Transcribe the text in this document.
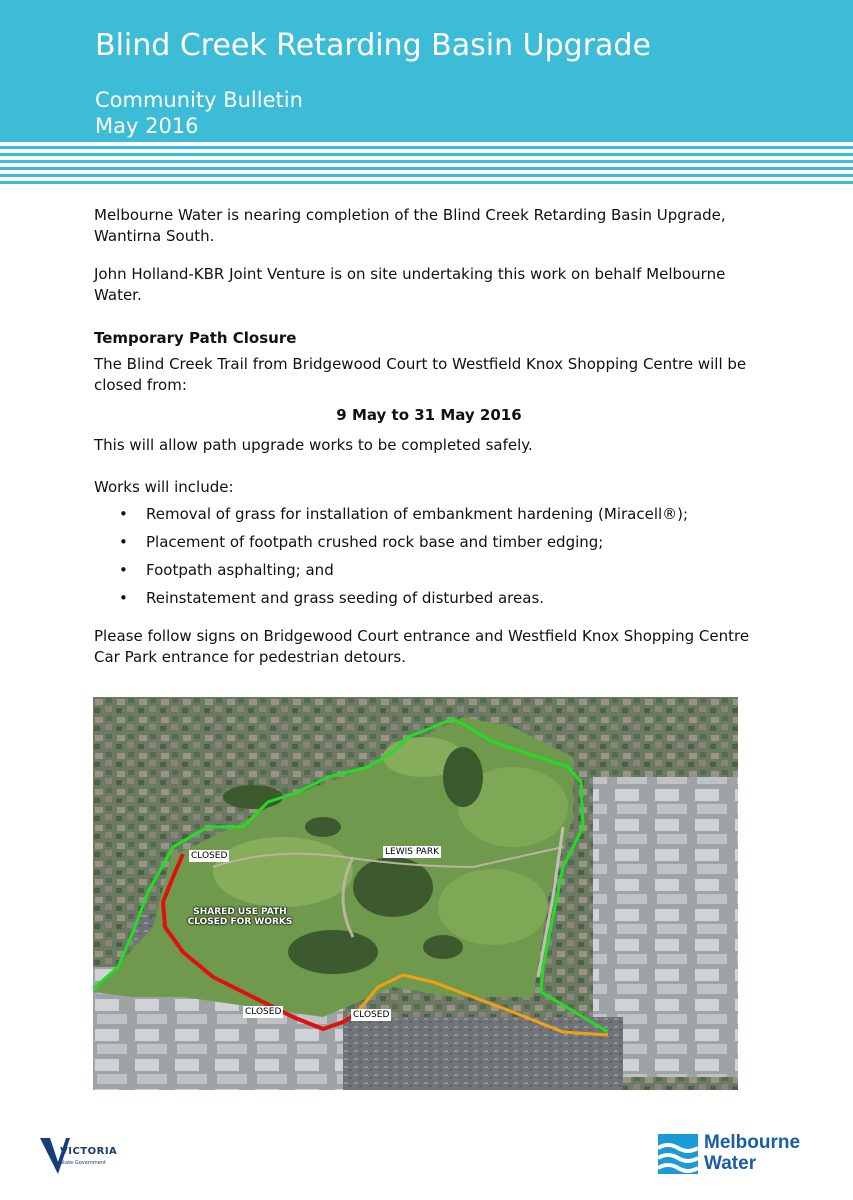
Blind Creek Retarding Basin Upgrade
Community Bulletin
May 2016

Melbourne Water is nearing completion of the Blind Creek Retarding Basin Upgrade, Wantirna South.

John Holland-KBR Joint Venture is on site undertaking this work on behalf Melbourne Water.

Temporary Path Closure

The Blind Creek Trail from Bridgewood Court to Westfield Knox Shopping Centre will be closed from:

9 May to 31 May 2016

This will allow path upgrade works to be completed safely.

Works will include:

• Removal of grass for installation of embankment hardening (Miracell®);
• Placement of footpath crushed rock base and timber edging;
• Footpath asphalting; and
• Reinstatement and grass seeding of disturbed areas.

Please follow signs on Bridgewood Court entrance and Westfield Knox Shopping Centre Car Park entrance for pedestrian detours.

CLOSED	LEWIS PARK
SHARED USE PATH CLOSED FOR WORKS
CLOSED	CLOSED
VICTORIA
State Government
Melbourne
Water
